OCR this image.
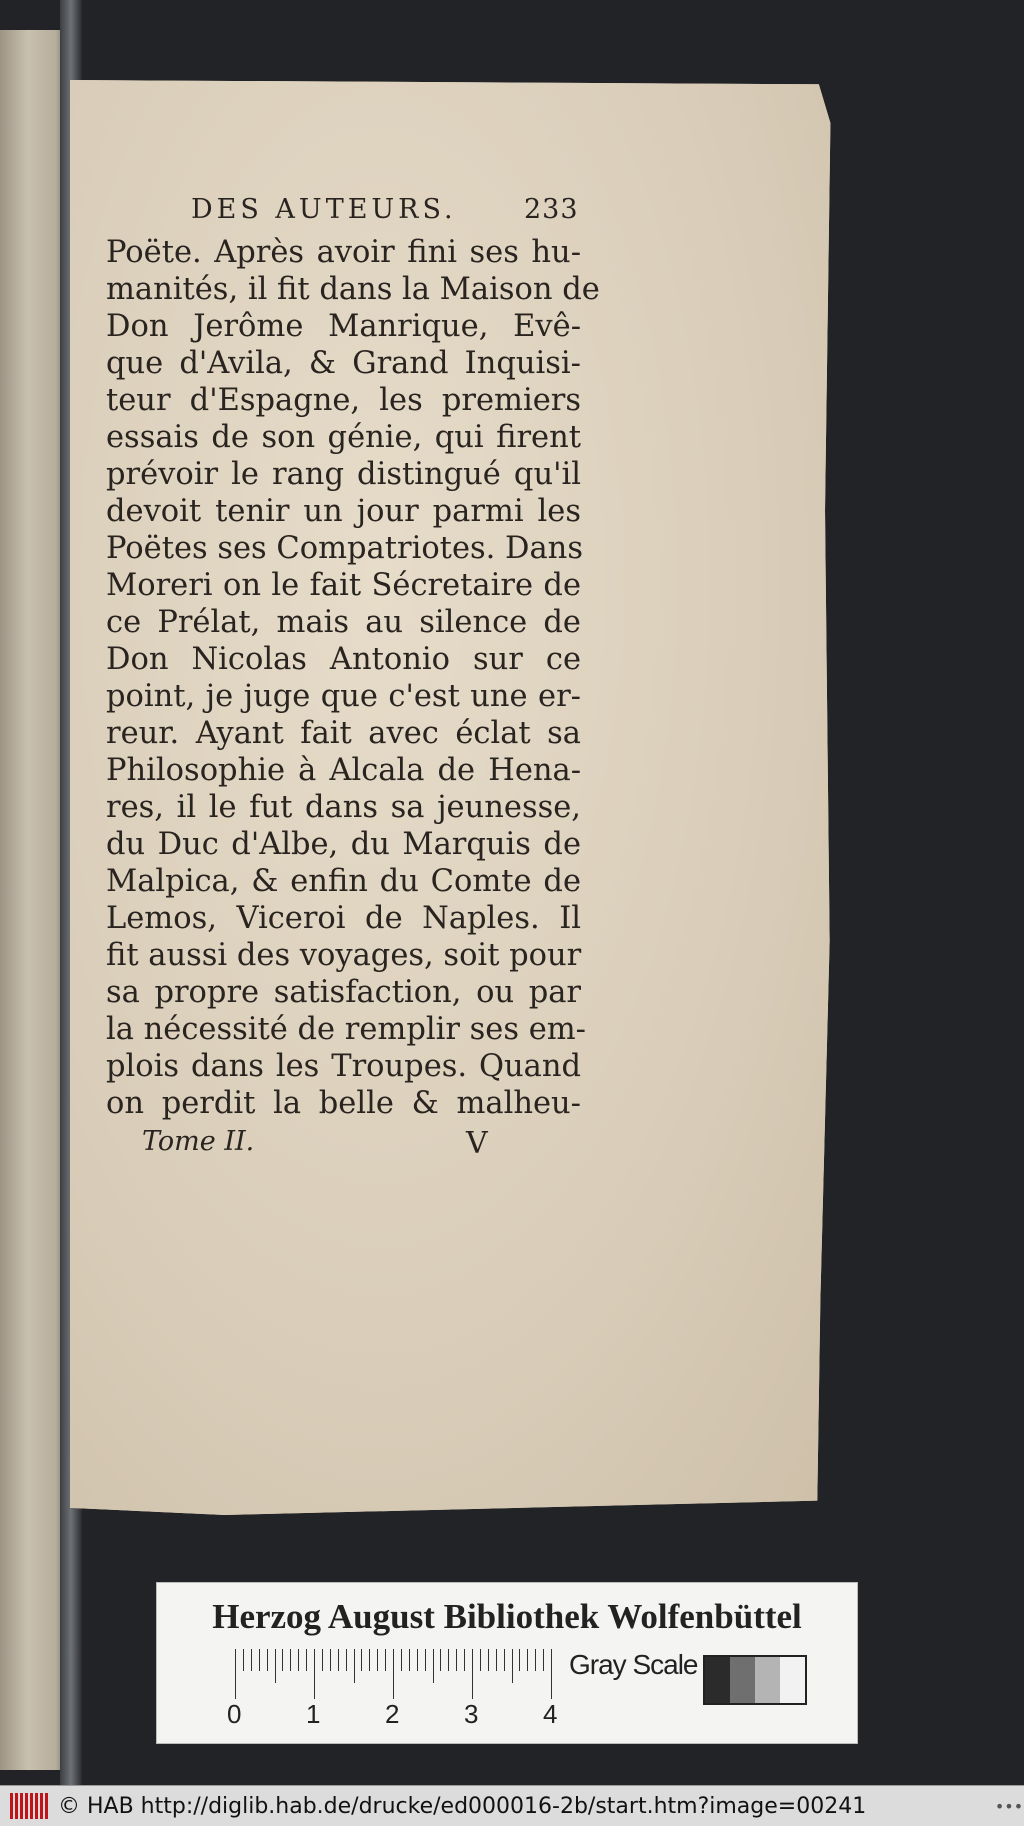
DES AUTEURS. 233
Poëte. Après avoir fini ses hu-
manités, il fit dans la Maison de
Don Jerôme Manrique, Evê-
que d'Avila, & Grand Inquisi-
teur d'Espagne, les premiers
essais de son génie, qui firent
prévoir le rang distingué qu'il
devoit tenir un jour parmi les
Poëtes ses Compatriotes. Dans
Moreri on le fait Sécretaire de
ce Prélat, mais au silence de
Don Nicolas Antonio sur ce
point, je juge que c'est une er-
reur. Ayant fait avec éclat sa
Philosophie à Alcala de Hena-
res, il le fut dans sa jeunesse,
du Duc d'Albe, du Marquis de
Malpica, & enfin du Comte de
Lemos, Viceroi de Naples. Il
fit aussi des voyages, soit pour
sa propre satisfaction, ou par
la nécessité de remplir ses em-
plois dans les Troupes. Quand
on perdit la belle & malheu-
Tome II.	V
Herzog August Bibliothek Wolfenbüttel
0 1 2 3 4
Gray Scale
© HAB http://diglib.hab.de/drucke/ed000016-2b/start.htm?image=00241	•••
